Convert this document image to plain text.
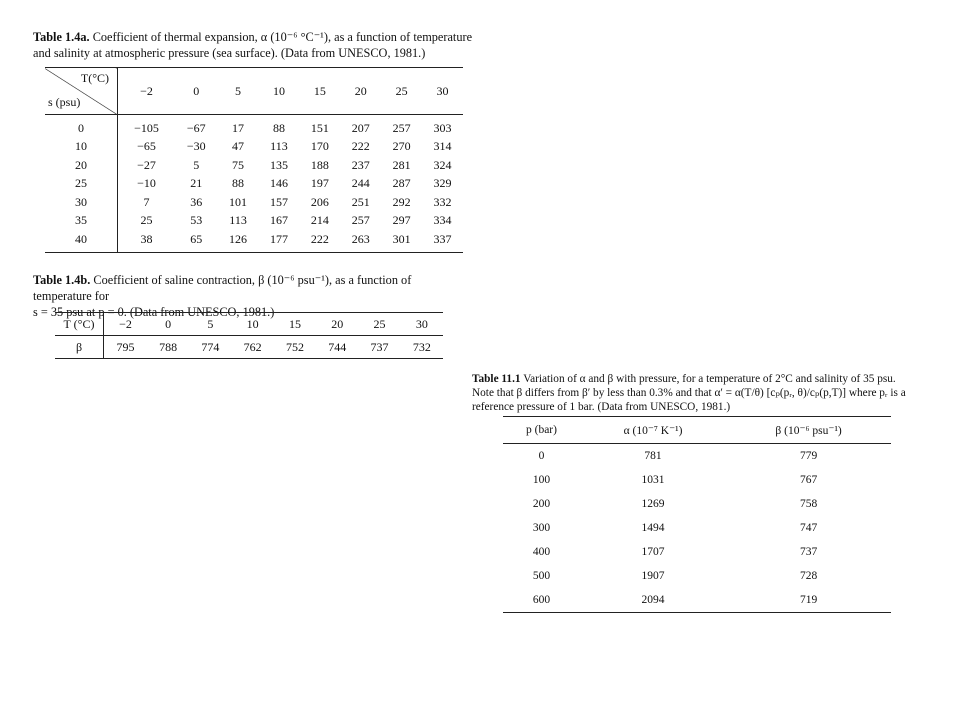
Table 1.4a. Coefficient of thermal expansion, α (10⁻⁶ °C⁻¹), as a function of temperature
and salinity at atmospheric pressure (sea surface). (Data from UNESCO, 1981.)
T(°C)
s (psu)	−2	0	5	10	15	20	25	30
0	−105	−67	17	88	151	207	257	303
10	−65	−30	47	113	170	222	270	314
20	−27	5	75	135	188	237	281	324
25	−10	21	88	146	197	244	287	329
30	7	36	101	157	206	251	292	332
35	25	53	113	167	214	257	297	334
40	38	65	126	177	222	263	301	337
Table 1.4b. Coefficient of saline contraction, β (10⁻⁶ psu⁻¹), as a function of temperature for
s = 35 psu at p = 0. (Data from UNESCO, 1981.)
T (°C)	−2	0	5	10	15	20	25	30
β	795	788	774	762	752	744	737	732
Table 11.1 Variation of α and β with pressure, for a temperature of 2°C and salinity of 35 psu.
Note that β differs from β′ by less than 0.3% and that α′ = α(T/θ) [cₚ(pᵣ, θ)/cₚ(p,T)] where pᵣ is a
reference pressure of 1 bar. (Data from UNESCO, 1981.)
p (bar)	α (10⁻⁷ K⁻¹)	β (10⁻⁶ psu⁻¹)
0	781	779
100	1031	767
200	1269	758
300	1494	747
400	1707	737
500	1907	728
600	2094	719
